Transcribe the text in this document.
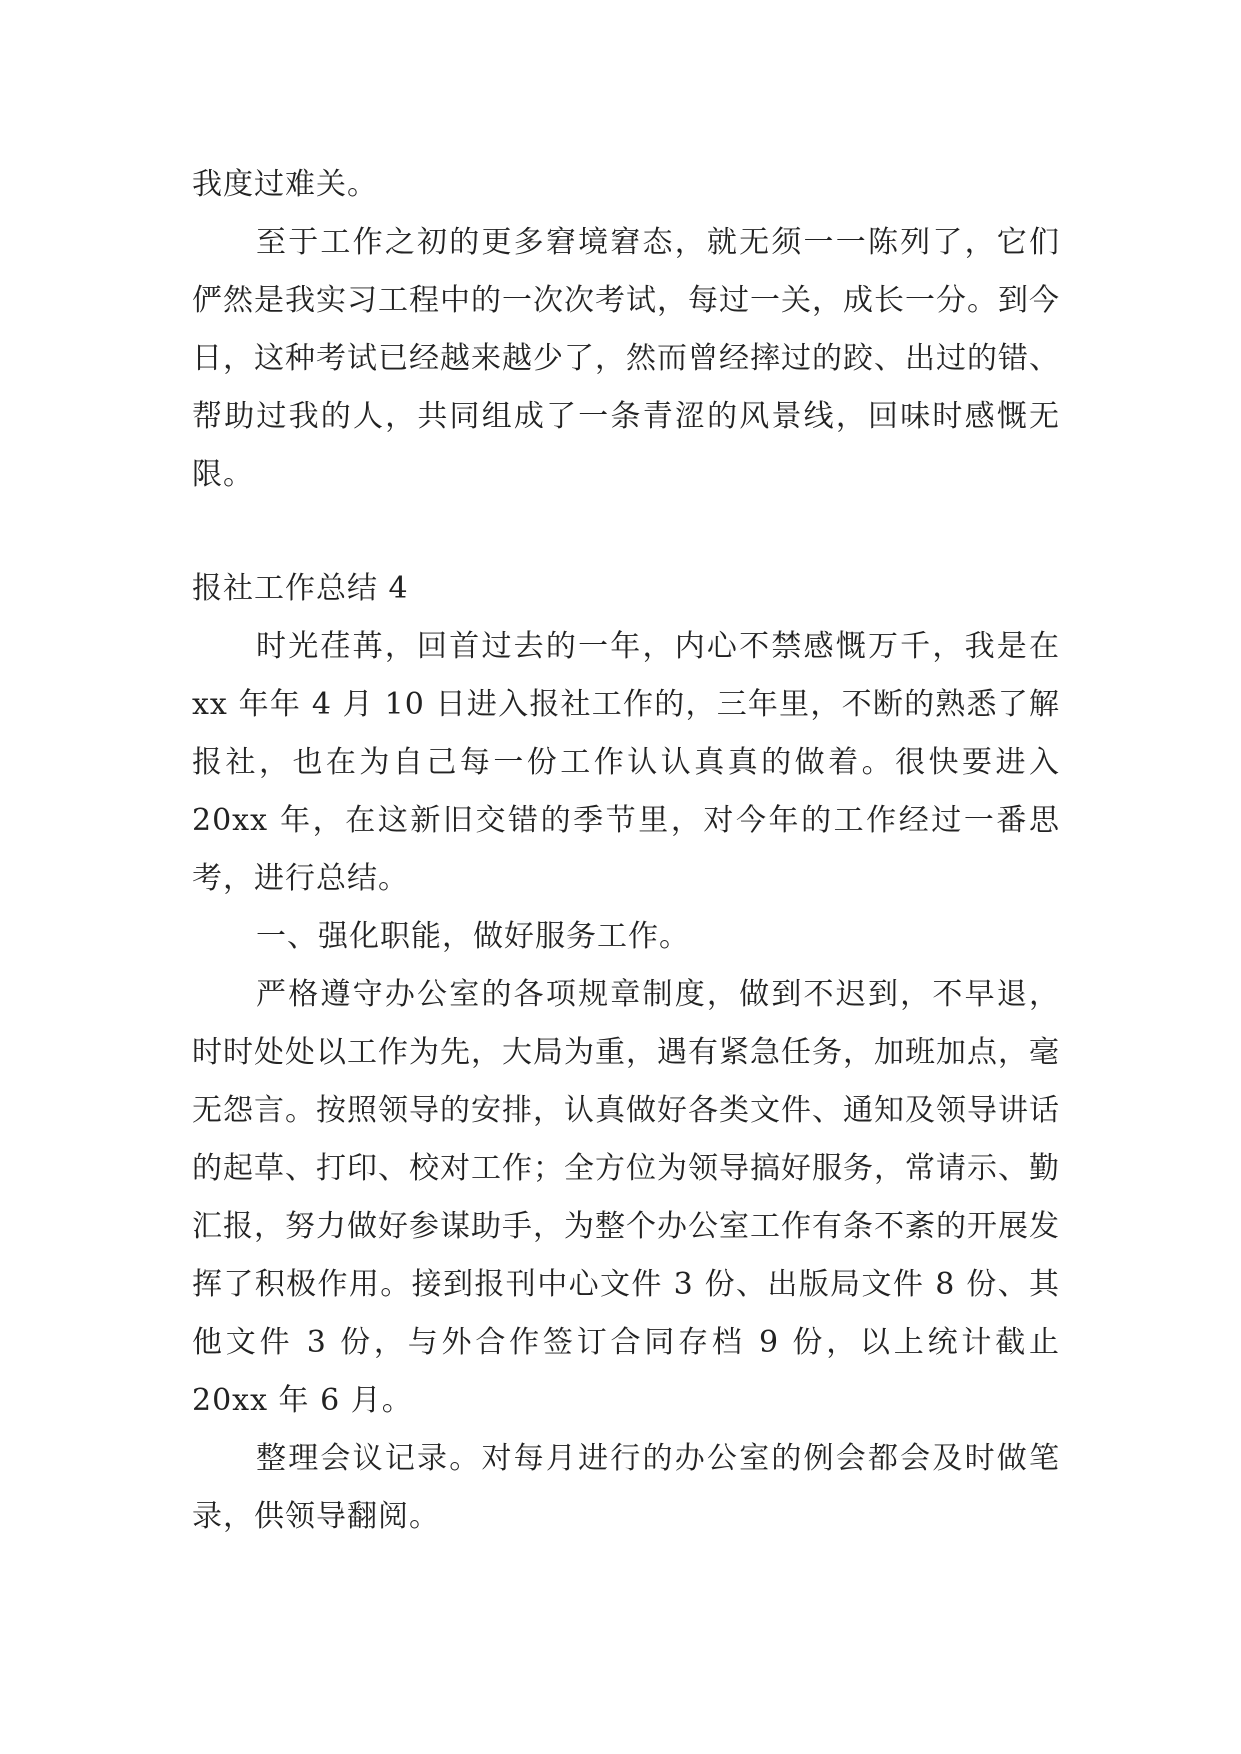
我度过难关。

至于工作之初的更多窘境窘态，就无须一一陈列了，它们俨然是我实习工程中的一次次考试，每过一关，成长一分。到今日，这种考试已经越来越少了，然而曾经摔过的跤、出过的错、帮助过我的人，共同组成了一条青涩的风景线，回味时感慨无限。

报社工作总结 4

时光荏苒，回首过去的一年，内心不禁感慨万千，我是在 xx 年年 4 月 10 日进入报社工作的，三年里，不断的熟悉了解报社，也在为自己每一份工作认认真真的做着。很快要进入 20xx 年，在这新旧交错的季节里，对今年的工作经过一番思考，进行总结。

一、强化职能，做好服务工作。

严格遵守办公室的各项规章制度，做到不迟到，不早退，时时处处以工作为先，大局为重，遇有紧急任务，加班加点，毫无怨言。按照领导的安排，认真做好各类文件、通知及领导讲话的起草、打印、校对工作；全方位为领导搞好服务，常请示、勤汇报，努力做好参谋助手，为整个办公室工作有条不紊的开展发挥了积极作用。接到报刊中心文件 3 份、出版局文件 8 份、其他文件 3 份，与外合作签订合同存档 9 份，以上统计截止 20xx 年 6 月。

整理会议记录。对每月进行的办公室的例会都会及时做笔录，供领导翻阅。
